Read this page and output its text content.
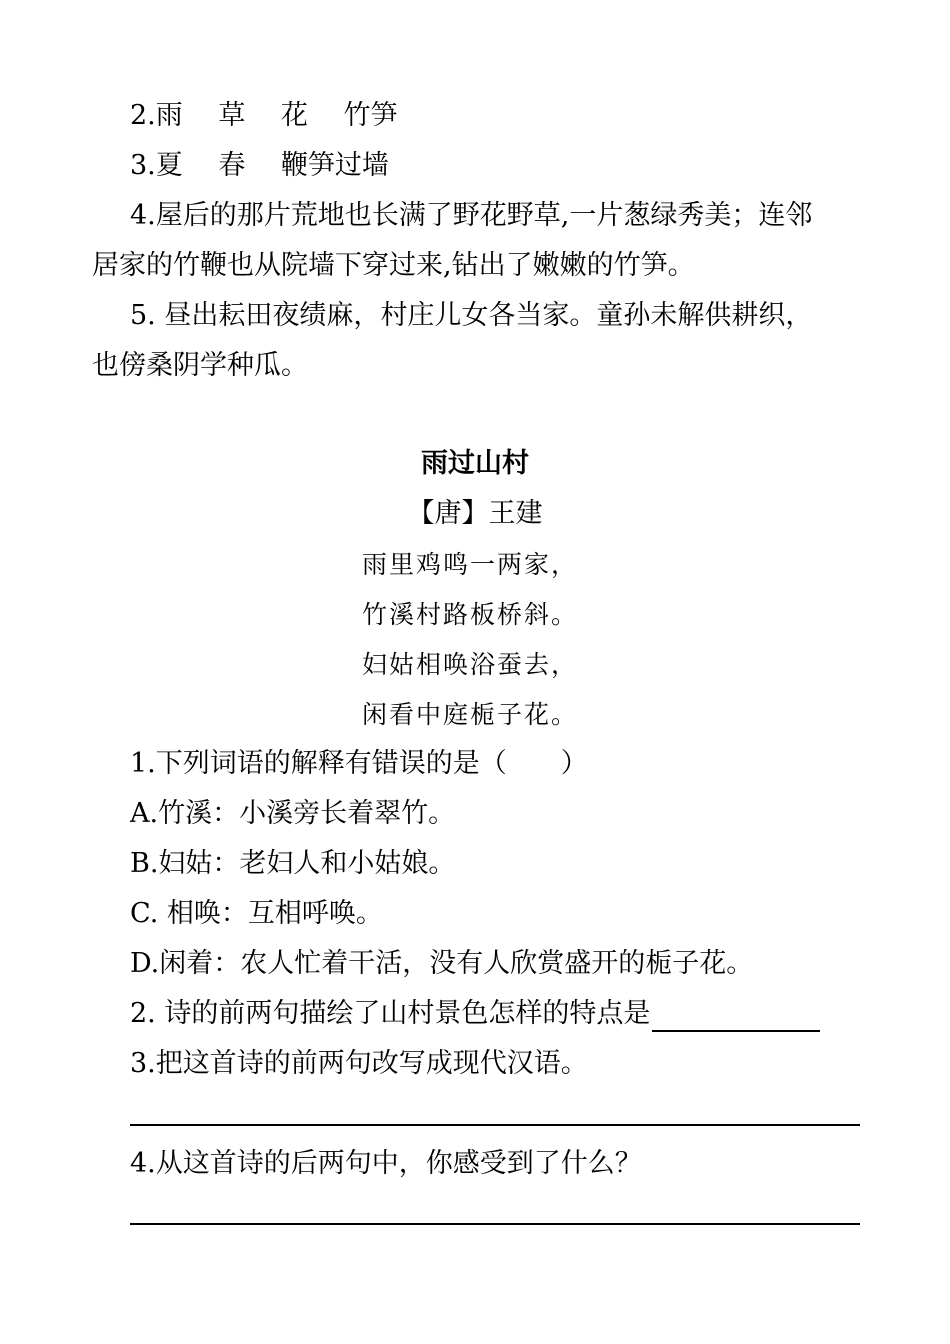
2.雨　 草　 花　 竹笋
3.夏　 春　 鞭笋过墙
4.屋后的那片荒地也长满了野花野草,一片葱绿秀美；连邻
居家的竹鞭也从院墙下穿过来,钻出了嫩嫩的竹笋。
5. 昼出耘田夜绩麻，村庄儿女各当家。童孙未解供耕织，
也傍桑阴学种瓜。
雨过山村
【唐】王建
雨里鸡鸣一两家，
竹溪村路板桥斜。
妇姑相唤浴蚕去，
闲看中庭栀子花。
1.下列词语的解释有错误的是（　　）
A.竹溪：小溪旁长着翠竹。
B.妇姑：老妇人和小姑娘。
C. 相唤：互相呼唤。
D.闲着：农人忙着干活，没有人欣赏盛开的栀子花。
2. 诗的前两句描绘了山村景色怎样的特点是
3.把这首诗的前两句改写成现代汉语。
4.从这首诗的后两句中，你感受到了什么？
